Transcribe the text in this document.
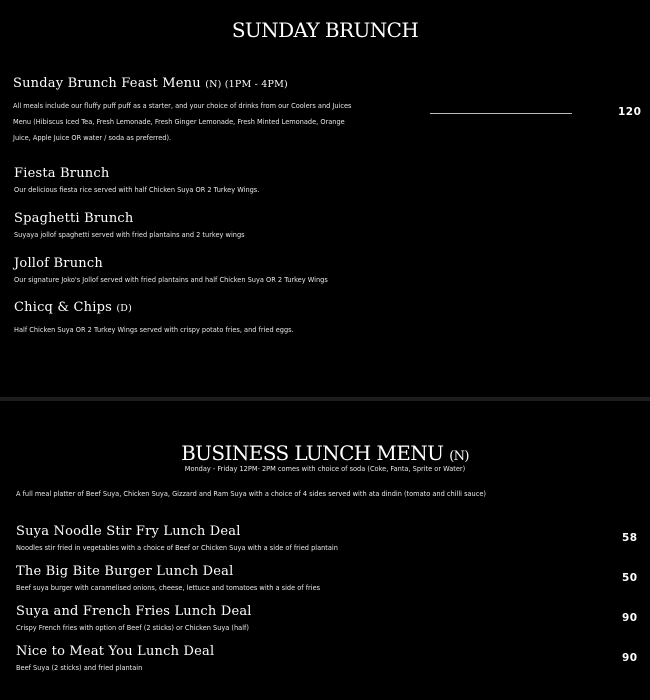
SUNDAY BRUNCH
Sunday Brunch Feast Menu (N) (1PM - 4PM)
All meals include our fluffy puff puff as a starter, and your choice of drinks from our Coolers and Juices
Menu (Hibiscus Iced Tea, Fresh Lemonade, Fresh Ginger Lemonade, Fresh Minted Lemonade, Orange
Juice, Apple Juice OR water / soda as preferred).
120
Fiesta Brunch
Our delicious fiesta rice served with half Chicken Suya OR 2 Turkey Wings.
Spaghetti Brunch
Suyaya jollof spaghetti served with fried plantains and 2 turkey wings
Jollof Brunch
Our signature Joko's Jollof served with fried plantains and half Chicken Suya OR 2 Turkey Wings
Chicq & Chips (D)
Half Chicken Suya OR 2 Turkey Wings served with crispy potato fries, and fried eggs.
BUSINESS LUNCH MENU (N)
Monday - Friday 12PM- 2PM comes with choice of soda (Coke, Fanta, Sprite or Water)
A full meal platter of Beef Suya, Chicken Suya, Gizzard and Ram Suya with a choice of 4 sides served with ata dindin (tomato and chilli sauce)
Suya Noodle Stir Fry Lunch Deal
Noodles stir fried in vegetables with a choice of Beef or Chicken Suya with a side of fried plantain
58
The Big Bite Burger Lunch Deal
Beef suya burger with caramelised onions, cheese, lettuce and tomatoes with a side of fries
50
Suya and French Fries Lunch Deal
Crispy French fries with option of Beef (2 sticks) or Chicken Suya (half)
90
Nice to Meat You Lunch Deal
Beef Suya (2 sticks) and fried plantain
90
